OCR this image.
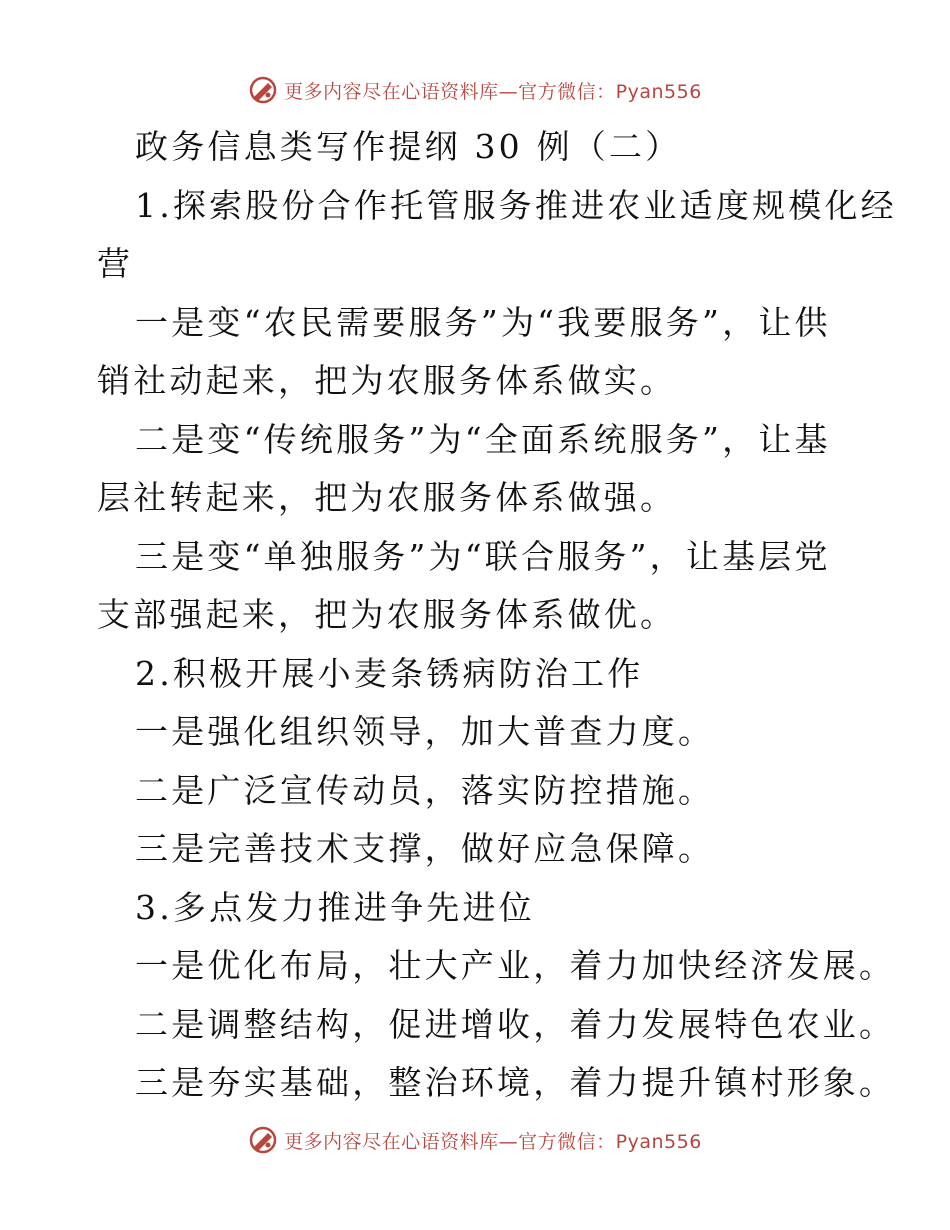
更多内容尽在心语资料库—官方微信：Pyan556

政务信息类写作提纲 30 例（二）

1.探索股份合作托管服务推进农业适度规模化经

营

一是变“农民需要服务”为“我要服务”，让供

销社动起来，把为农服务体系做实。

二是变“传统服务”为“全面系统服务”，让基

层社转起来，把为农服务体系做强。

三是变“单独服务”为“联合服务”，让基层党

支部强起来，把为农服务体系做优。

2.积极开展小麦条锈病防治工作

一是强化组织领导，加大普查力度。

二是广泛宣传动员，落实防控措施。

三是完善技术支撑，做好应急保障。

3.多点发力推进争先进位

一是优化布局，壮大产业，着力加快经济发展。

二是调整结构，促进增收，着力发展特色农业。

三是夯实基础，整治环境，着力提升镇村形象。

更多内容尽在心语资料库—官方微信：Pyan556
